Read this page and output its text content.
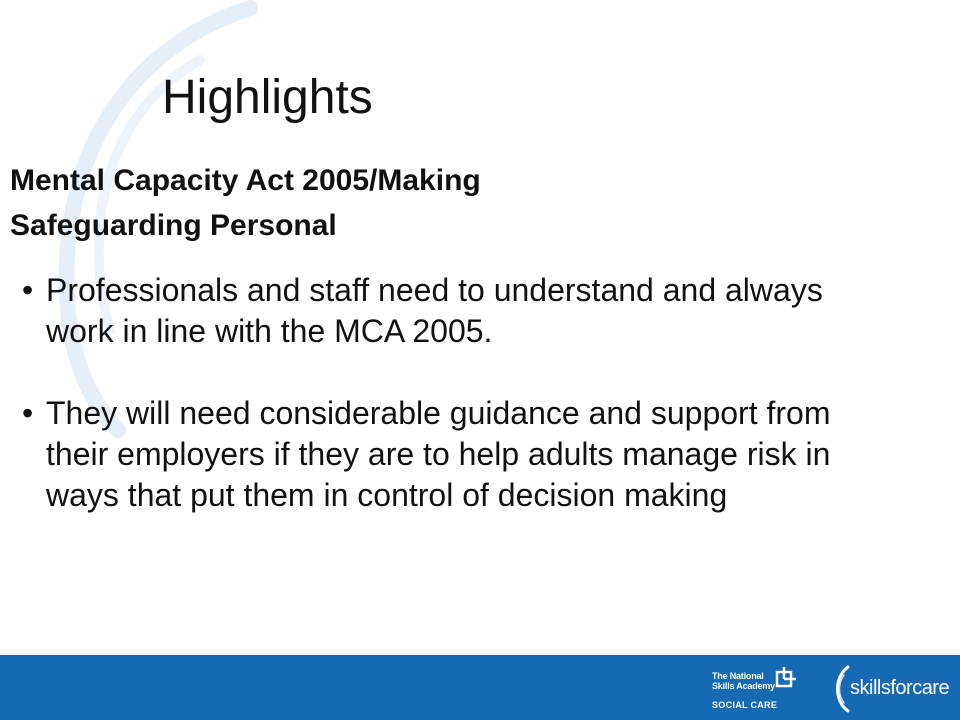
Highlights
Mental Capacity Act 2005/Making
Safeguarding Personal
• Professionals and staff need to understand and always work in line with the MCA 2005.
• They will need considerable guidance and support from their employers if they are to help adults manage risk in ways that put them in control of decision making
The National
Skills Academy
SOCIAL CARE
skillsforcare
